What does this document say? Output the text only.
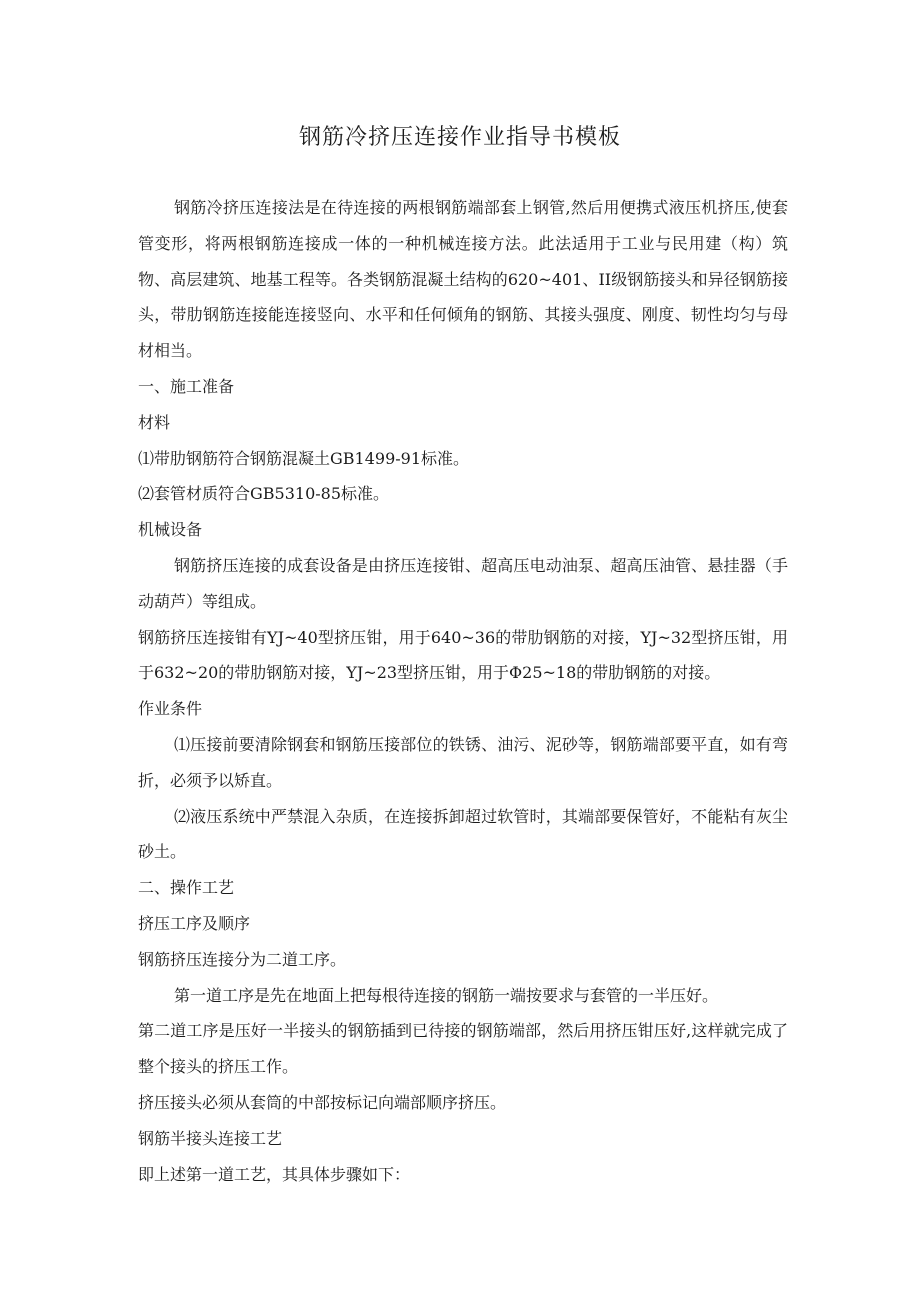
钢筋冷挤压连接作业指导书模板

钢筋冷挤压连接法是在待连接的两根钢筋端部套上钢管,然后用便携式液压机挤压,使套管变形，将两根钢筋连接成一体的一种机械连接方法。此法适用于工业与民用建（构）筑物、高层建筑、地基工程等。各类钢筋混凝土结构的620~401、II级钢筋接头和异径钢筋接头，带肋钢筋连接能连接竖向、水平和任何倾角的钢筋、其接头强度、刚度、韧性均匀与母材相当。

一、施工准备

材料

⑴带肋钢筋符合钢筋混凝土GB1499-91标准。

⑵套管材质符合GB5310-85标准。

机械设备

钢筋挤压连接的成套设备是由挤压连接钳、超高压电动油泵、超高压油管、悬挂器（手动葫芦）等组成。

钢筋挤压连接钳有YJ~40型挤压钳，用于640~36的带肋钢筋的对接，YJ~32型挤压钳，用于632~20的带肋钢筋对接，YJ~23型挤压钳，用于Φ25~18的带肋钢筋的对接。

作业条件

⑴压接前要清除钢套和钢筋压接部位的铁锈、油污、泥砂等，钢筋端部要平直，如有弯折，必须予以矫直。

⑵液压系统中严禁混入杂质，在连接拆卸超过软管时，其端部要保管好，不能粘有灰尘砂土。

二、操作工艺

挤压工序及顺序

钢筋挤压连接分为二道工序。

第一道工序是先在地面上把每根待连接的钢筋一端按要求与套管的一半压好。

第二道工序是压好一半接头的钢筋插到已待接的钢筋端部，然后用挤压钳压好,这样就完成了整个接头的挤压工作。

挤压接头必须从套筒的中部按标记向端部顺序挤压。

钢筋半接头连接工艺

即上述第一道工艺，其具体步骤如下：
